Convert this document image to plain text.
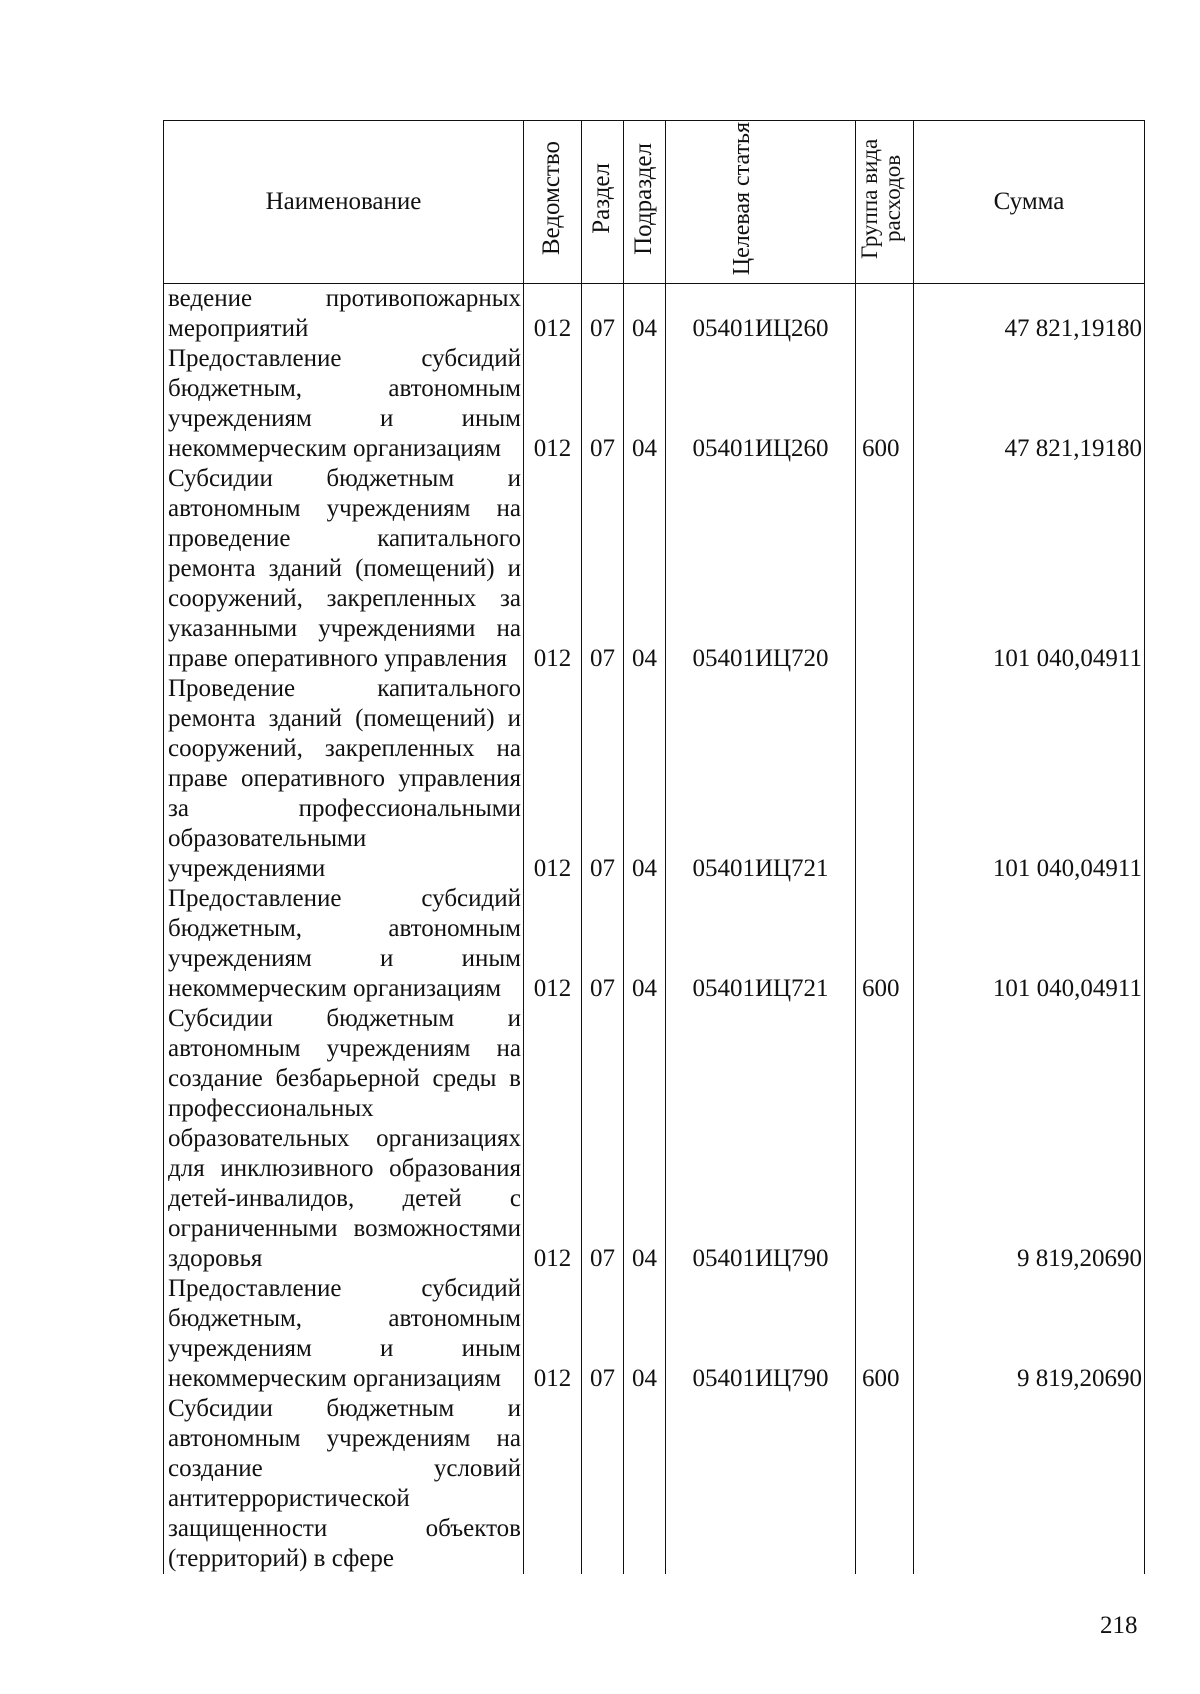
Наименование	Ведомство	Раздел	Подраздел	Целевая статья	Группа вида расходов	Сумма
ведение противопожарных мероприятий	012	07	04	05401ИЦ260		47 821,19180
Предоставление субсидий бюджетным, автономным учреждениям и иным некоммерческим организациям	012	07	04	05401ИЦ260	600	47 821,19180
Субсидии бюджетным и автономным учреждениям на проведение капитального ремонта зданий (помещений) и сооружений, закрепленных за указанными учреждениями на праве оперативного управления	012	07	04	05401ИЦ720		101 040,04911
Проведение капитального ремонта зданий (помещений) и сооружений, закрепленных на праве оперативного управления за профессиональными образовательными учреждениями	012	07	04	05401ИЦ721		101 040,04911
Предоставление субсидий бюджетным, автономным учреждениям и иным некоммерческим организациям	012	07	04	05401ИЦ721	600	101 040,04911
Субсидии бюджетным и автономным учреждениям на создание безбарьерной среды в профессиональных образовательных организациях для инклюзивного образования детей-инвалидов, детей с ограниченными возможностями здоровья	012	07	04	05401ИЦ790		9 819,20690
Предоставление субсидий бюджетным, автономным учреждениям и иным некоммерческим организациям	012	07	04	05401ИЦ790	600	9 819,20690
Субсидии бюджетным и автономным учреждениям на создание условий антитеррористической защищенности объектов (территорий) в сфере						
218
